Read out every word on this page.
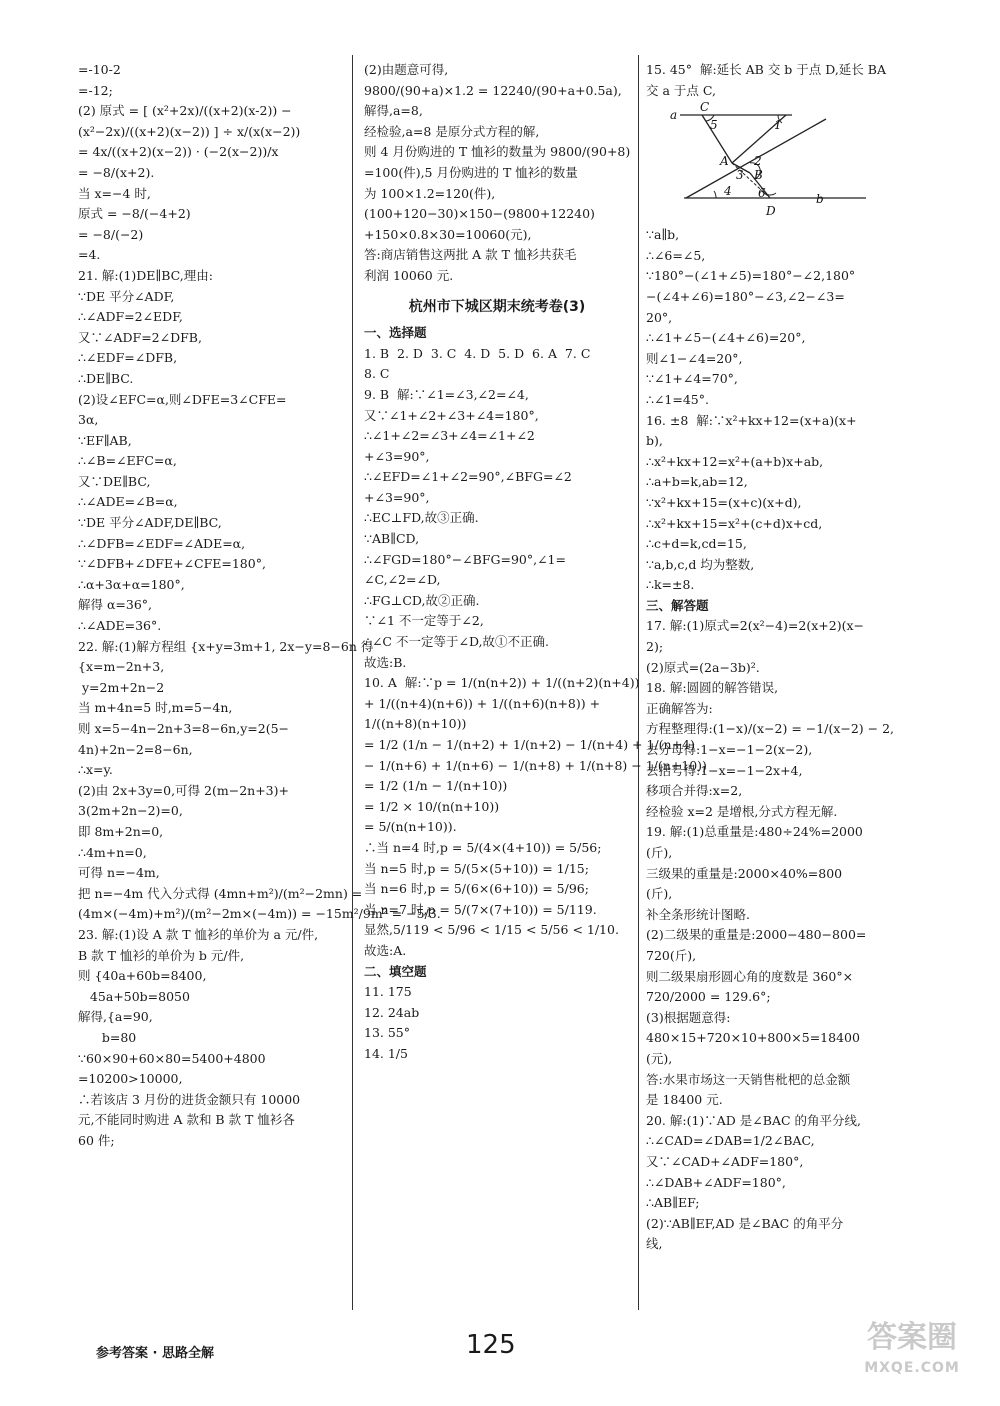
=-10-2
=-12;
(2) 原式 = [ (x²+2x)/((x+2)(x-2)) −
(x²−2x)/((x+2)(x−2)) ] ÷ x/(x(x−2))
= 4x/((x+2)(x−2)) · (−2(x−2))/x
= −8/(x+2).
当 x=−4 时,
原式 = −8/(−4+2)
= −8/(−2)
=4.
21. 解:(1)DE∥BC,理由:
∵DE 平分∠ADF,
∴∠ADF=2∠EDF,
又∵∠ADF=2∠DFB,
∴∠EDF=∠DFB,
∴DE∥BC.
(2)设∠EFC=α,则∠DFE=3∠CFE=
3α,
∵EF∥AB,
∴∠B=∠EFC=α,
又∵DE∥BC,
∴∠ADE=∠B=α,
∵DE 平分∠ADF,DE∥BC,
∴∠DFB=∠EDF=∠ADE=α,
∵∠DFB+∠DFE+∠CFE=180°,
∴α+3α+α=180°,
解得 α=36°,
∴∠ADE=36°.
22. 解:(1)解方程组 {x+y=3m+1, 2x−y=8−6n 得
{x=m−2n+3,
y=2m+2n−2
当 m+4n=5 时,m=5−4n,
则 x=5−4n−2n+3=8−6n,y=2(5−
4n)+2n−2=8−6n,
∴x=y.
(2)由 2x+3y=0,可得 2(m−2n+3)+
3(2m+2n−2)=0,
即 8m+2n=0,
∴4m+n=0,
可得 n=−4m,
把 n=−4m 代入分式得 (4mn+m²)/(m²−2mn) =
(4m×(−4m)+m²)/(m²−2m×(−4m)) = −15m²/9m² = −5/3.
23. 解:(1)设 A 款 T 恤衫的单价为 a 元/件,
B 款 T 恤衫的单价为 b 元/件,
则 {40a+60b=8400,
45a+50b=8050
解得,{a=90,
b=80
∵60×90+60×80=5400+4800
=10200>10000,
∴若该店 3 月份的进货金额只有 10000
元,不能同时购进 A 款和 B 款 T 恤衫各
60 件;
(2)由题意可得,
9800/(90+a)×1.2 = 12240/(90+a+0.5a),
解得,a=8,
经检验,a=8 是原分式方程的解,
则 4 月份购进的 T 恤衫的数量为 9800/(90+8)
=100(件),5 月份购进的 T 恤衫的数量
为 100×1.2=120(件),
(100+120−30)×150−(9800+12240)
+150×0.8×30=10060(元),
答:商店销售这两批 A 款 T 恤衫共获毛
利润 10060 元.
杭州市下城区期末统考卷(3)
一、选择题
1. B  2. D  3. C  4. D  5. D  6. A  7. C
8. C
9. B  解:∵∠1=∠3,∠2=∠4,
又∵∠1+∠2+∠3+∠4=180°,
∴∠1+∠2=∠3+∠4=∠1+∠2
+∠3=90°,
∴∠EFD=∠1+∠2=90°,∠BFG=∠2
+∠3=90°,
∴EC⊥FD,故③正确.
∵AB∥CD,
∴∠FGD=180°−∠BFG=90°,∠1=
∠C,∠2=∠D,
∴FG⊥CD,故②正确.
∵∠1 不一定等于∠2,
∴∠C 不一定等于∠D,故①不正确.
故选:B.
10. A  解:∵p = 1/(n(n+2)) + 1/((n+2)(n+4))
+ 1/((n+4)(n+6)) + 1/((n+6)(n+8)) +
1/((n+8)(n+10))
= 1/2 (1/n − 1/(n+2) + 1/(n+2) − 1/(n+4) + 1/(n+4)
− 1/(n+6) + 1/(n+6) − 1/(n+8) + 1/(n+8) − 1/(n+10))
= 1/2 (1/n − 1/(n+10))
= 1/2 × 10/(n(n+10))
= 5/(n(n+10)).
∴当 n=4 时,p = 5/(4×(4+10)) = 5/56;
当 n=5 时,p = 5/(5×(5+10)) = 1/15;
当 n=6 时,p = 5/(6×(6+10)) = 5/96;
当 n=7 时,p = 5/(7×(7+10)) = 5/119.
显然,5/119 < 5/96 < 1/15 < 5/56 < 1/10.
故选:A.
二、填空题
11. 175
12. 24ab
13. 55°
14. 1/5
15. 45°  解:延长 AB 交 b 于点 D,延长 BA
交 a 于点 C,
a
C
5	1
A 2
3 B
4 6
D
b
∵a∥b,
∴∠6=∠5,
∵180°−(∠1+∠5)=180°−∠2,180°
−(∠4+∠6)=180°−∠3,∠2−∠3=
20°,
∴∠1+∠5−(∠4+∠6)=20°,
则∠1−∠4=20°,
∵∠1+∠4=70°,
∴∠1=45°.
16. ±8  解:∵x²+kx+12=(x+a)(x+
b),
∴x²+kx+12=x²+(a+b)x+ab,
∴a+b=k,ab=12,
∵x²+kx+15=(x+c)(x+d),
∴x²+kx+15=x²+(c+d)x+cd,
∴c+d=k,cd=15,
∵a,b,c,d 均为整数,
∴k=±8.
三、解答题
17. 解:(1)原式=2(x²−4)=2(x+2)(x−
2);
(2)原式=(2a−3b)².
18. 解:圆圆的解答错误,
正确解答为:
方程整理得:(1−x)/(x−2) = −1/(x−2) − 2,
去分母得:1−x=−1−2(x−2),
去括号得:1−x=−1−2x+4,
移项合并得:x=2,
经检验 x=2 是增根,分式方程无解.
19. 解:(1)总重量是:480÷24%=2000
(斤),
三级果的重量是:2000×40%=800
(斤),
补全条形统计图略.
(2)二级果的重量是:2000−480−800=
720(斤),
则二级果扇形圆心角的度数是 360°×
720/2000 = 129.6°;
(3)根据题意得:
480×15+720×10+800×5=18400
(元),
答:水果市场这一天销售枇杷的总金额
是 18400 元.
20. 解:(1)∵AD 是∠BAC 的角平分线,
∴∠CAD=∠DAB=1/2∠BAC,
又∵∠CAD+∠ADF=180°,
∴∠DAB+∠ADF=180°,
∴AB∥EF;
(2)∵AB∥EF,AD 是∠BAC 的角平分
线,
参考答案 · 思路全解	125	答案圈
MXQE.COM
